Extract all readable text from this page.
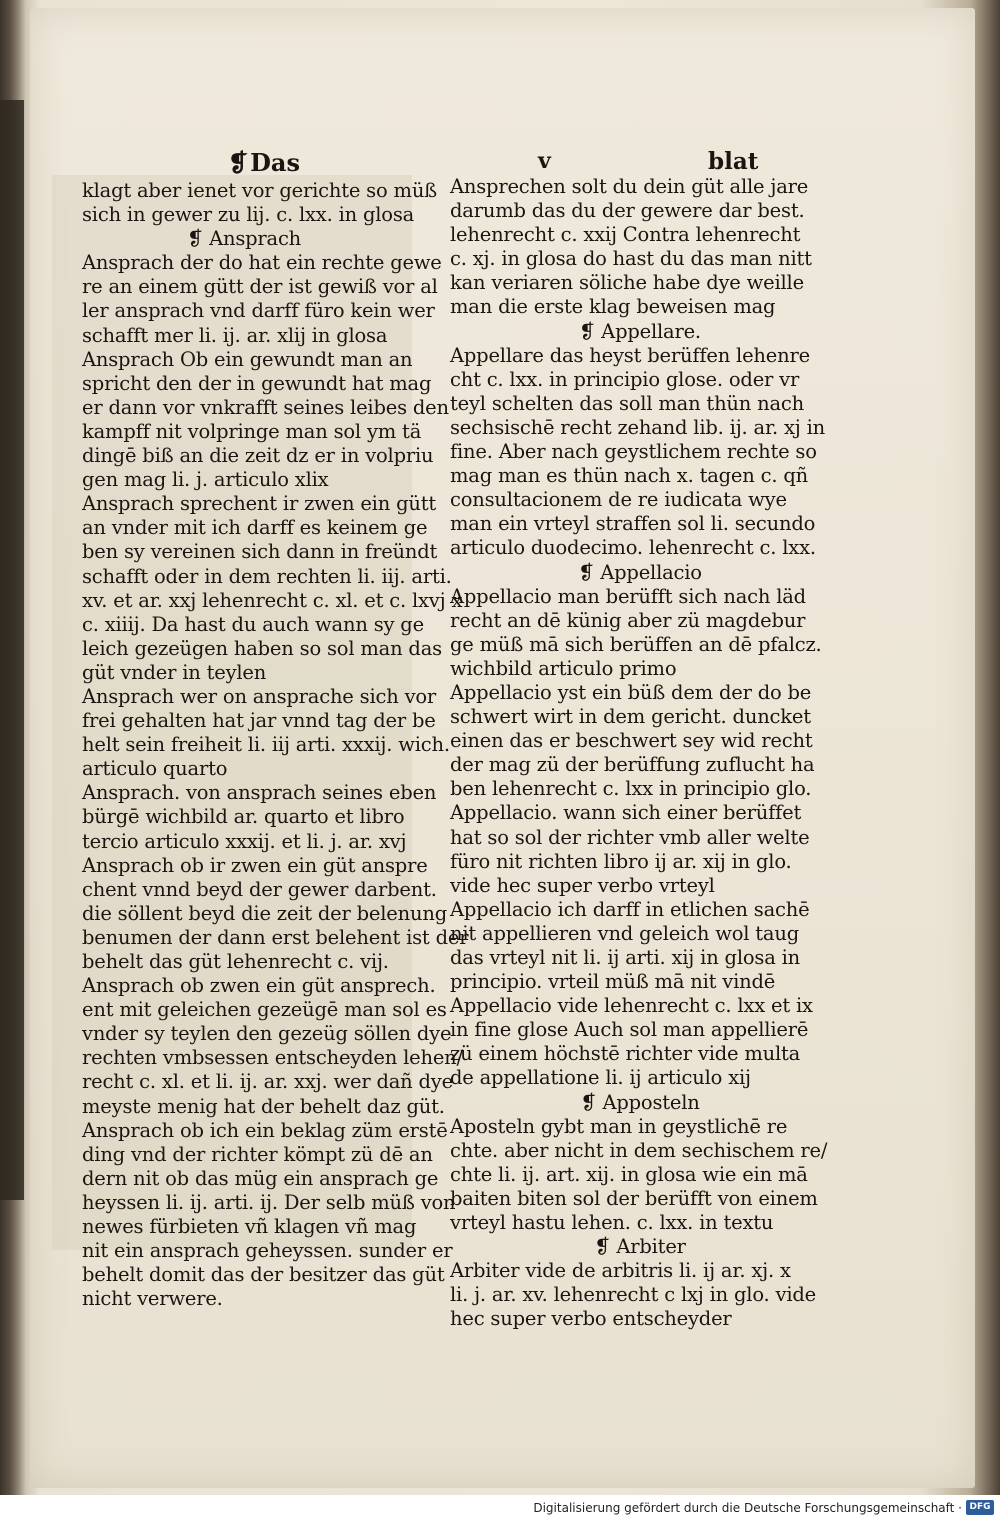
❡Das	v	blat
klagt aber ienet vor gerichte so müß
sich in gewer zu lij. c. lxx. in glosa
❡ Ansprach
Ansprach der do hat ein rechte gewe
re an einem gütt der ist gewiß vor al
ler ansprach vnd darff füro kein wer
schafft mer li. ij. ar. xlij in glosa
Ansprach Ob ein gewundt man an
spricht den der in gewundt hat mag
er dann vor vnkrafft seines leibes den
kampff nit volpringe man sol ym tä
dingē biß an die zeit dz er in volpriu
gen mag li. j. articulo xlix
Ansprach sprechent ir zwen ein gütt
an vnder mit ich darff es keinem ge
ben sy vereinen sich dann in freündt
schafft oder in dem rechten li. iij. arti.
xv. et ar. xxj lehenrecht c. xl. et c. lxvj x
c. xiiij. Da hast du auch wann sy ge
leich gezeügen haben so sol man das
güt vnder in teylen
Ansprach wer on ansprache sich vor
frei gehalten hat jar vnnd tag der be
helt sein freiheit li. iij arti. xxxij. wich.
articulo quarto
Ansprach. von ansprach seines eben
bürgē wichbild ar. quarto et libro
tercio articulo xxxij. et li. j. ar. xvj
Ansprach ob ir zwen ein güt anspre
chent vnnd beyd der gewer darbent.
die söllent beyd die zeit der belenung
benumen der dann erst belehent ist der
behelt das güt lehenrecht c. vij.
Ansprach ob zwen ein güt ansprech.
ent mit geleichen gezeügē man sol es
vnder sy teylen den gezeüg söllen dye
rechten vmbsessen entscheyden lehen/
recht c. xl. et li. ij. ar. xxj. wer dañ dye
meyste menig hat der behelt daz güt.
Ansprach ob ich ein beklag züm erstē
ding vnd der richter kömpt zü dē an
dern nit ob das müg ein ansprach ge
heyssen li. ij. arti. ij. Der selb müß von
newes fürbieten vñ klagen vñ mag
nit ein ansprach geheyssen. sunder er
behelt domit das der besitzer das güt
nicht verwere.
Ansprechen solt du dein güt alle jare
darumb das du der gewere dar best.
lehenrecht c. xxij Contra lehenrecht
c. xj. in glosa do hast du das man nitt
kan veriaren söliche habe dye weille
man die erste klag beweisen mag
❡ Appellare.
Appellare das heyst berüffen lehenre
cht c. lxx. in principio glose. oder vr
teyl schelten das soll man thün nach
sechsischē recht zehand lib. ij. ar. xj in
fine. Aber nach geystlichem rechte so
mag man es thün nach x. tagen c. qñ
consultacionem de re iudicata wye
man ein vrteyl straffen sol li. secundo
articulo duodecimo. lehenrecht c. lxx.
❡ Appellacio
Appellacio man berüfft sich nach läd
recht an dē künig aber zü magdebur
ge müß mā sich berüffen an dē pfalcz.
wichbild articulo primo
Appellacio yst ein büß dem der do be
schwert wirt in dem gericht. duncket
einen das er beschwert sey wid recht
der mag zü der berüffung zuflucht ha
ben lehenrecht c. lxx in principio glo.
Appellacio. wann sich einer berüffet
hat so sol der richter vmb aller welte
füro nit richten libro ij ar. xij in glo.
vide hec super verbo vrteyl
Appellacio ich darff in etlichen sachē
nit appellieren vnd geleich wol taug
das vrteyl nit li. ij arti. xij in glosa in
principio. vrteil müß mā nit vindē
Appellacio vide lehenrecht c. lxx et ix
in fine glose Auch sol man appellierē
zü einem höchstē richter vide multa
de appellatione li. ij articulo xij
❡ Apposteln
Aposteln gybt man in geystlichē re
chte. aber nicht in dem sechischem re/
chte li. ij. art. xij. in glosa wie ein mā
baiten biten sol der berüfft von einem
vrteyl hastu lehen. c. lxx. in textu
❡ Arbiter
Arbiter vide de arbitris li. ij ar. xj. x
li. j. ar. xv. lehenrecht c lxj in glo. vide
hec super verbo entscheyder
Digitalisierung gefördert durch die Deutsche Forschungsgemeinschaft · DFG
